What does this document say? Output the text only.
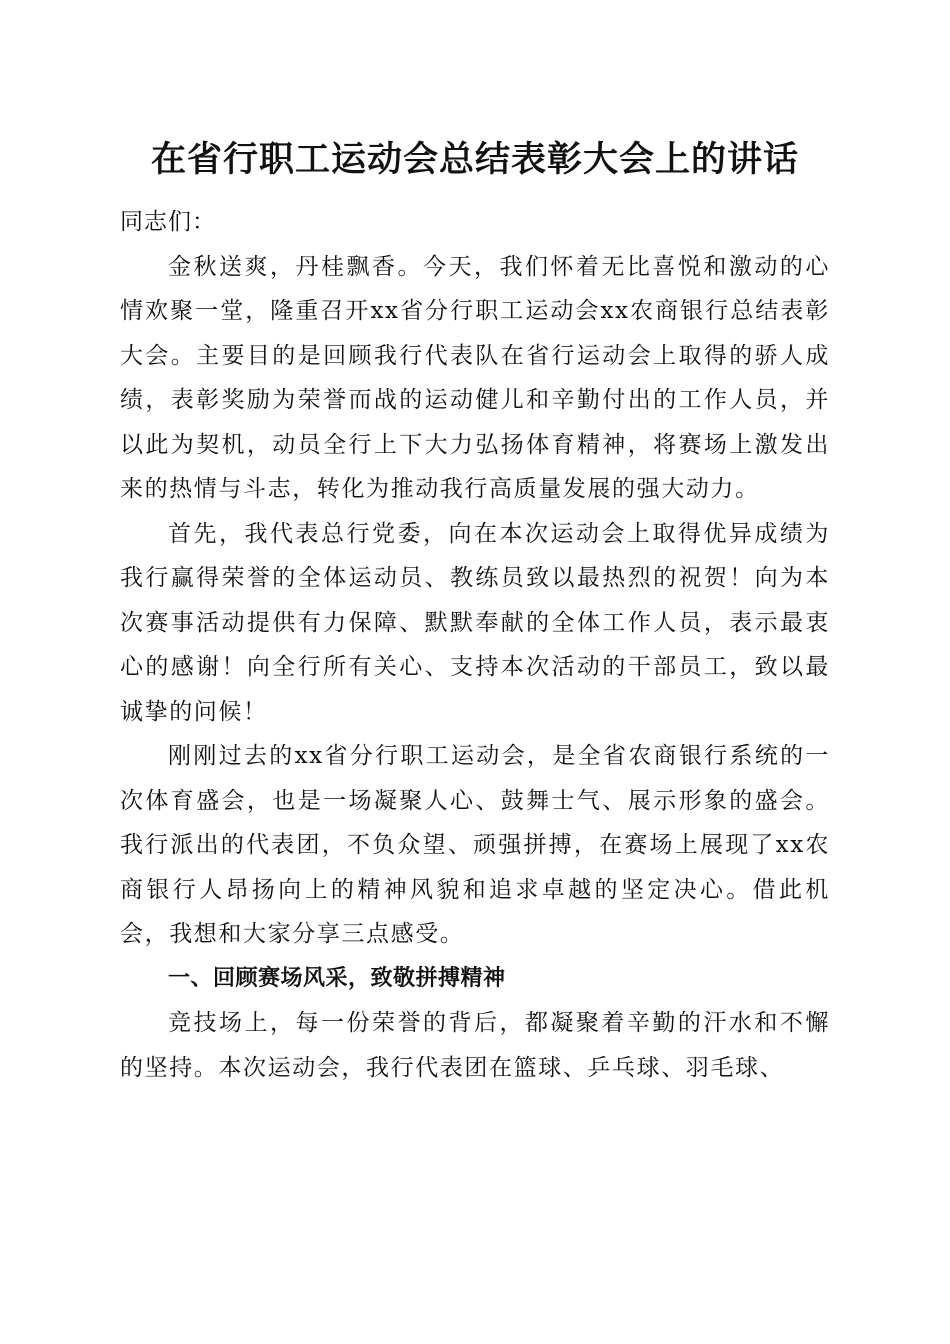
在省行职工运动会总结表彰大会上的讲话

同志们：

金秋送爽，丹桂飘香。今天，我们怀着无比喜悦和激动的心情欢聚一堂，隆重召开xx省分行职工运动会xx农商银行总结表彰大会。主要目的是回顾我行代表队在省行运动会上取得的骄人成绩，表彰奖励为荣誉而战的运动健儿和辛勤付出的工作人员，并以此为契机，动员全行上下大力弘扬体育精神，将赛场上激发出来的热情与斗志，转化为推动我行高质量发展的强大动力。

首先，我代表总行党委，向在本次运动会上取得优异成绩为我行赢得荣誉的全体运动员、教练员致以最热烈的祝贺！向为本次赛事活动提供有力保障、默默奉献的全体工作人员，表示最衷心的感谢！向全行所有关心、支持本次活动的干部员工，致以最诚挚的问候！

刚刚过去的xx省分行职工运动会，是全省农商银行系统的一次体育盛会，也是一场凝聚人心、鼓舞士气、展示形象的盛会。我行派出的代表团，不负众望、顽强拼搏，在赛场上展现了xx农商银行人昂扬向上的精神风貌和追求卓越的坚定决心。借此机会，我想和大家分享三点感受。

一、回顾赛场风采，致敬拼搏精神

竞技场上，每一份荣誉的背后，都凝聚着辛勤的汗水和不懈的坚持。本次运动会，我行代表团在篮球、乒乓球、羽毛球、
